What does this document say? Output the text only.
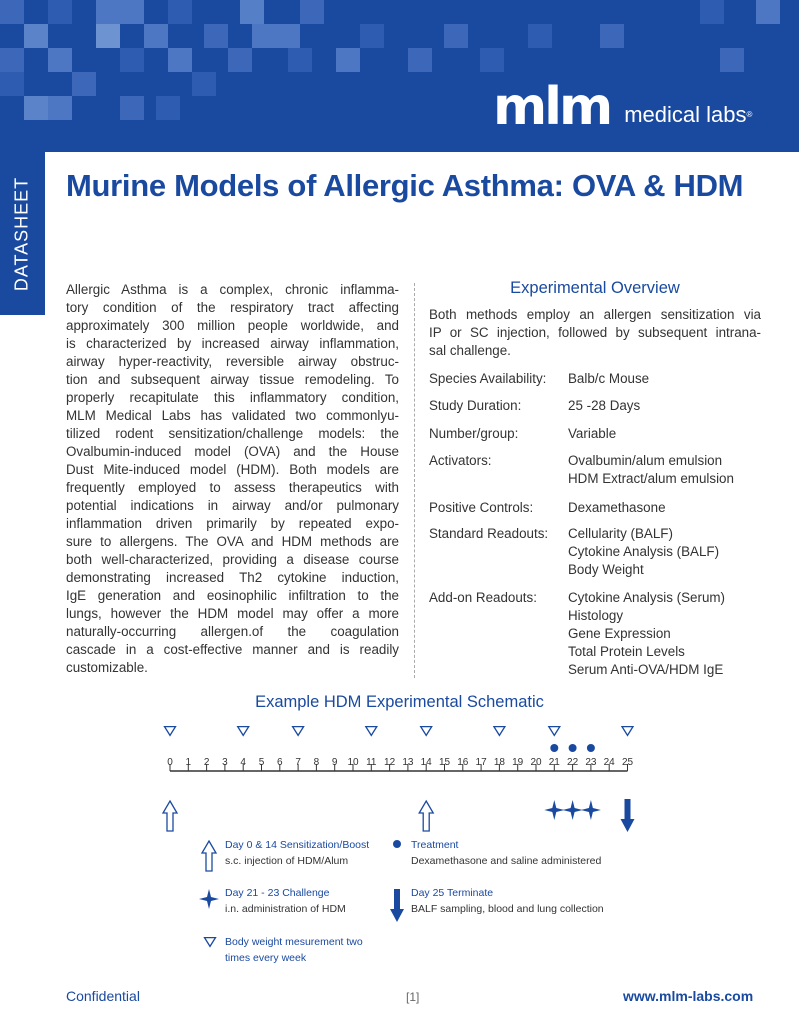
mlm medical labs®
DATASHEET Murine Models of Allergic Asthma: OVA & HDM
Allergic Asthma is a complex, chronic inflamma-
tory condition of the respiratory tract affecting
approximately 300 million people worldwide, and
is characterized by increased airway inflammation,
airway hyper-reactivity, reversible airway obstruc-
tion and subsequent airway tissue remodeling. To
properly recapitulate this inflammatory condition,
MLM Medical Labs has validated two commonlyu-
tilized rodent sensitization/challenge models: the
Ovalbumin-induced model (OVA) and the House
Dust Mite-induced model (HDM). Both models are
frequently employed to assess therapeutics with
potential indications in airway and/or pulmonary
inflammation driven primarily by repeated expo-
sure to allergens. The OVA and HDM methods are
both well-characterized, providing a disease course
demonstrating increased Th2 cytokine induction,
IgE generation and eosinophilic infiltration to the
lungs, however the HDM model may offer a more
naturally-occurring allergen.of the coagulation
cascade in a cost-effective manner and is readily
customizable.
Experimental Overview
Both methods employ an allergen sensitization via
IP or SC injection, followed by subsequent intrana-
sal challenge.
Species Availability: Balb/c Mouse
Study Duration:	25 -28 Days
Number/group:	Variable
Activators:	Ovalbumin/alum emulsion
HDM Extract/alum emulsion
Positive Controls:	Dexamethasone
Standard Readouts: Cellularity (BALF)
Cytokine Analysis (BALF)
Body Weight
Add-on Readouts: Cytokine Analysis (Serum)
Histology
Gene Expression
Total Protein Levels
Serum Anti-OVA/HDM IgE
Example HDM Experimental Schematic
0 1 2 3 4 5 6 7 8 9 10 11 12 13 14 15 16 17 18 19 20 21 22 23 24 25
Day 0 & 14 Sensitization/Boost
s.c. injection of HDM/Alum
Treatment
Dexamethasone and saline administered
Day 21 - 23 Challenge
i.n. administration of HDM
Day 25 Terminate
BALF sampling, blood and lung collection
Body weight mesurement two
times every week
Confidential	[1]	www.mlm-labs.com
